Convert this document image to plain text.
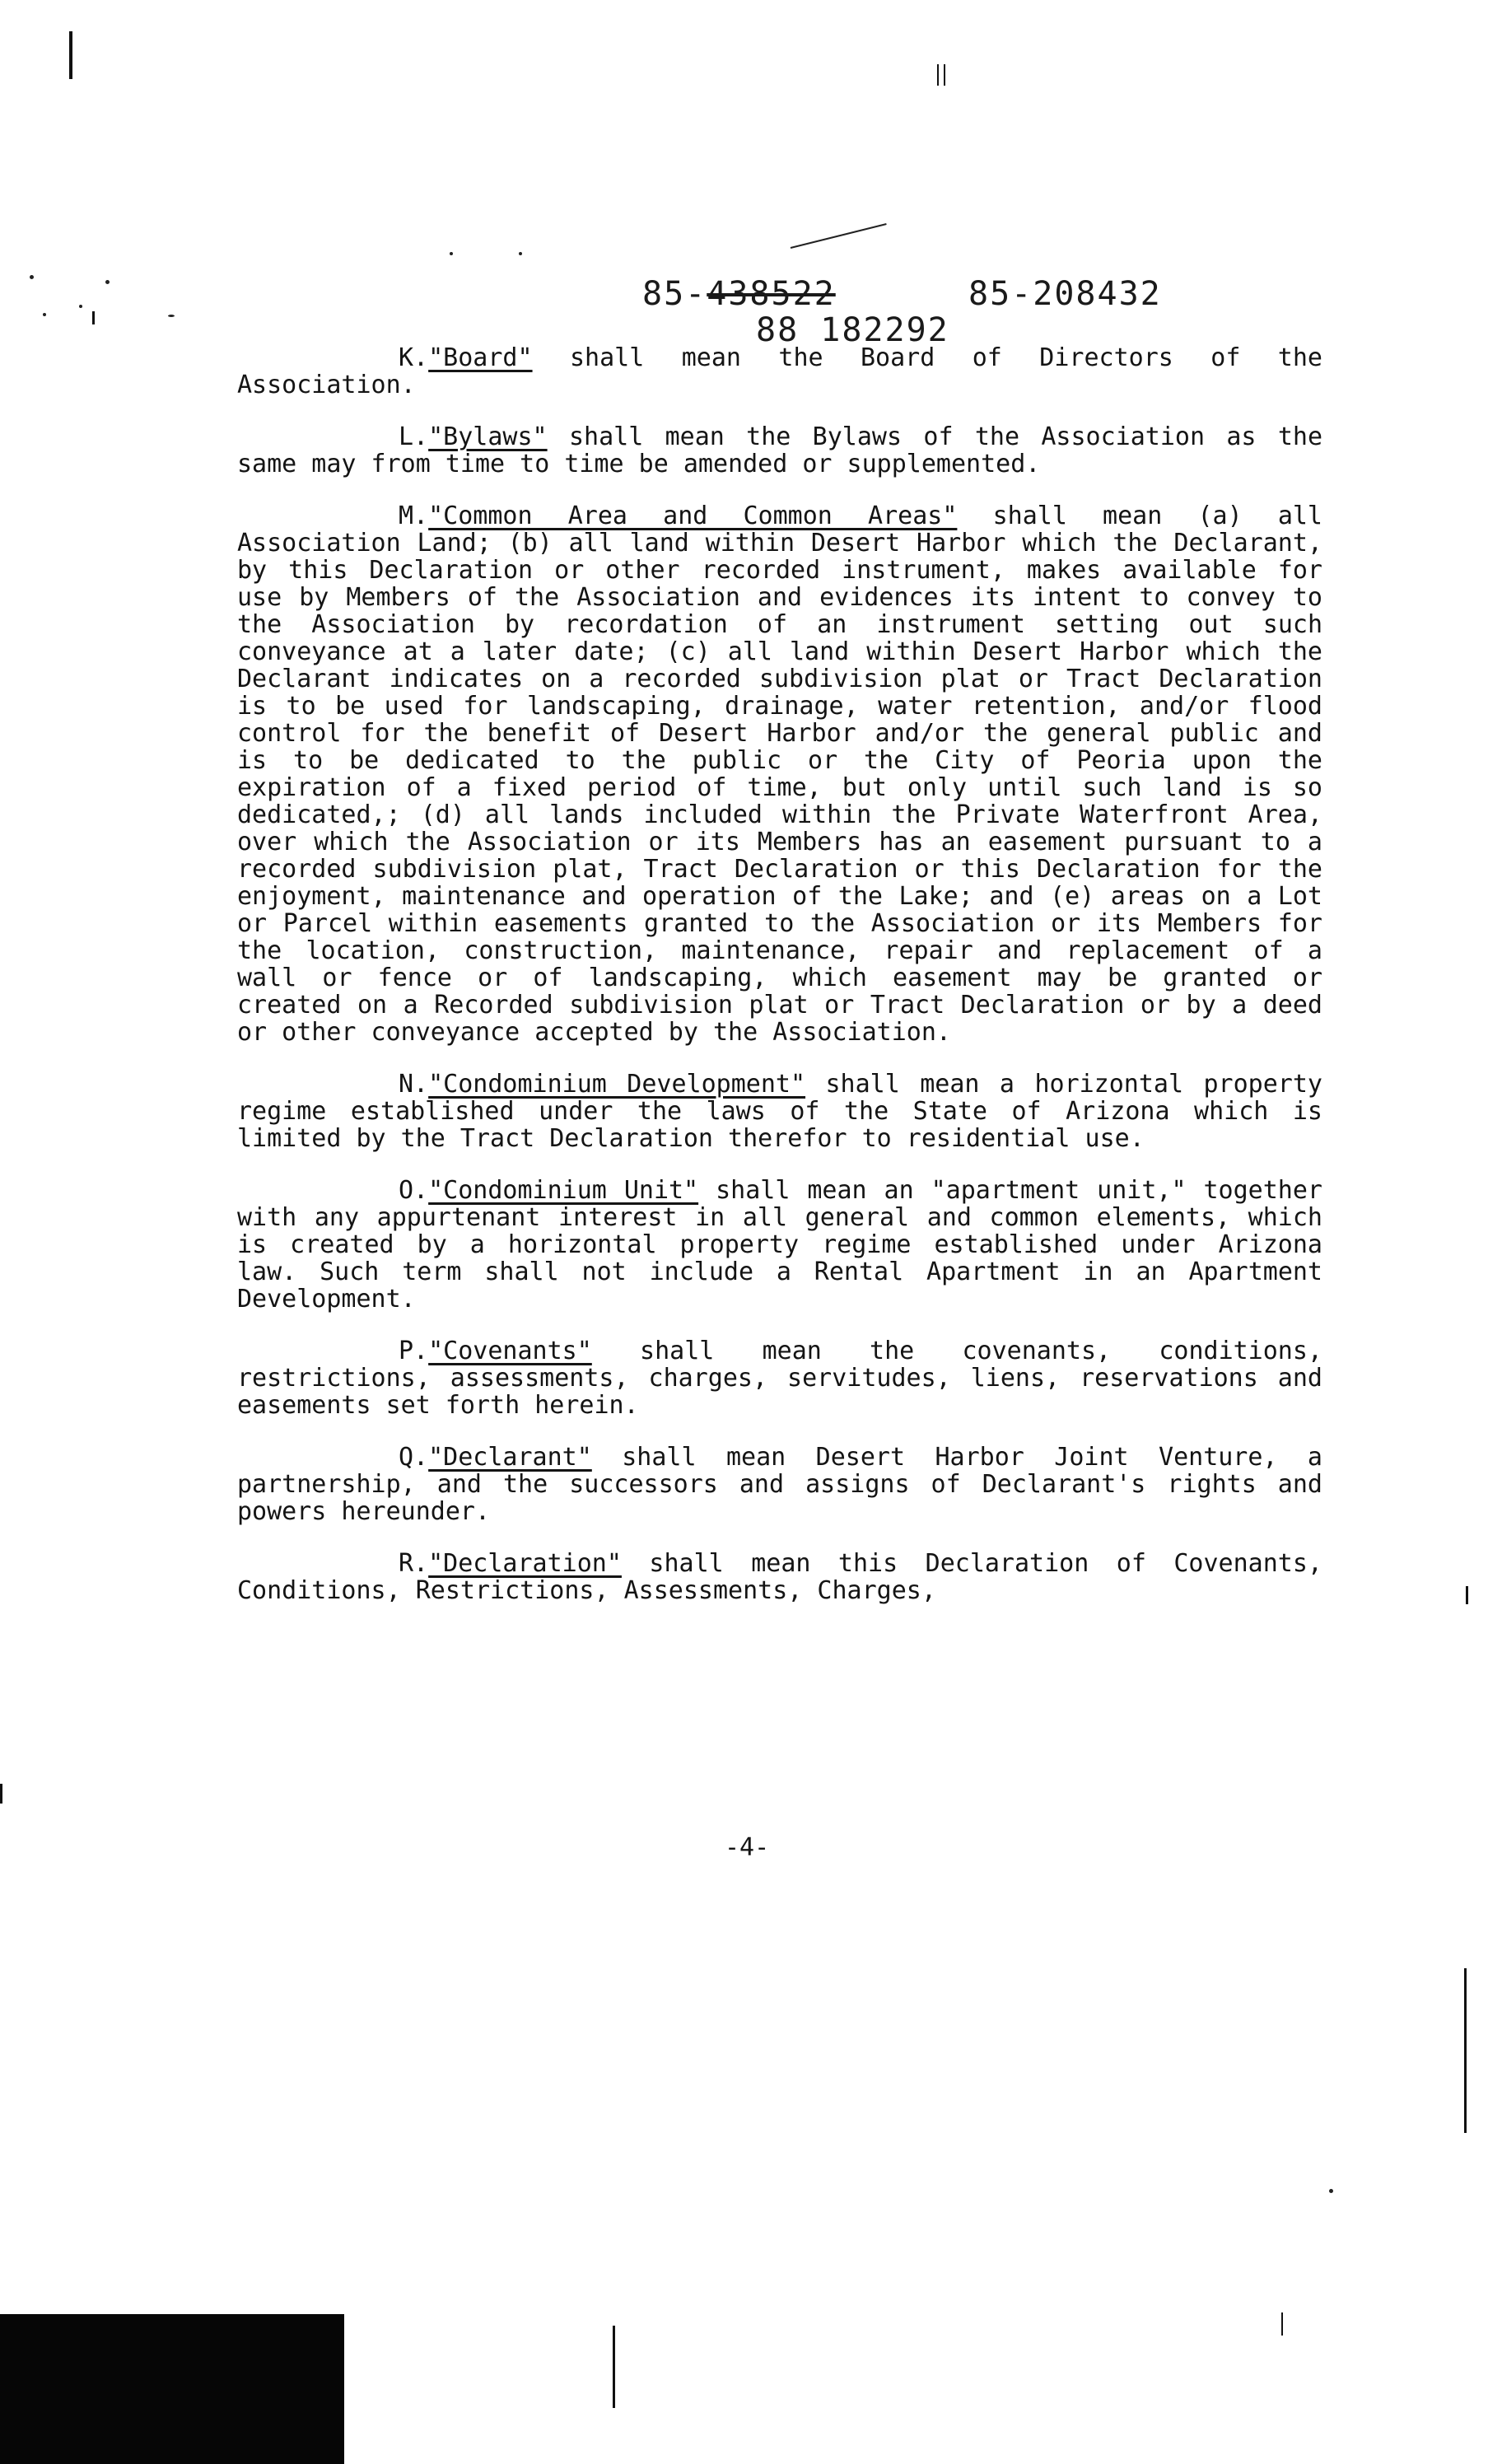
85-438522	85-208432
88 182292

K."Board" shall mean the Board of Directors of the Association.

L."Bylaws" shall mean the Bylaws of the Association as the same may from time to time be amended or supplemented.

M."Common Area and Common Areas" shall mean (a) all Association Land; (b) all land within Desert Harbor which the Declarant, by this Declaration or other recorded instrument, makes available for use by Members of the Association and evidences its intent to convey to the Association by recordation of an instrument setting out such conveyance at a later date; (c) all land within Desert Harbor which the Declarant indicates on a recorded subdivision plat or Tract Declaration is to be used for landscaping, drainage, water retention, and/or flood control for the benefit of Desert Harbor and/or the general public and is to be dedicated to the public or the City of Peoria upon the expiration of a fixed period of time, but only until such land is so dedicated,; (d) all lands included within the Private Waterfront Area, over which the Association or its Members has an easement pursuant to a recorded subdivision plat, Tract Declaration or this Declaration for the enjoyment, maintenance and operation of the Lake; and (e) areas on a Lot or Parcel within easements granted to the Association or its Members for the location, construction, maintenance, repair and replacement of a wall or fence or of landscaping, which easement may be granted or created on a Recorded subdivision plat or Tract Declaration or by a deed or other conveyance accepted by the Association.

N."Condominium Development" shall mean a horizontal property regime established under the laws of the State of Arizona which is limited by the Tract Declaration therefor to residential use.

O."Condominium Unit" shall mean an "apartment unit," together with any appurtenant interest in all general and common elements, which is created by a horizontal property regime established under Arizona law. Such term shall not include a Rental Apartment in an Apartment Development.

P."Covenants" shall mean the covenants, conditions, restrictions, assessments, charges, servitudes, liens, reservations and easements set forth herein.

Q."Declarant" shall mean Desert Harbor Joint Venture, a partnership, and the successors and assigns of Declarant's rights and powers hereunder.

R."Declaration" shall mean this Declaration of Covenants, Conditions, Restrictions, Assessments, Charges,

-4-
